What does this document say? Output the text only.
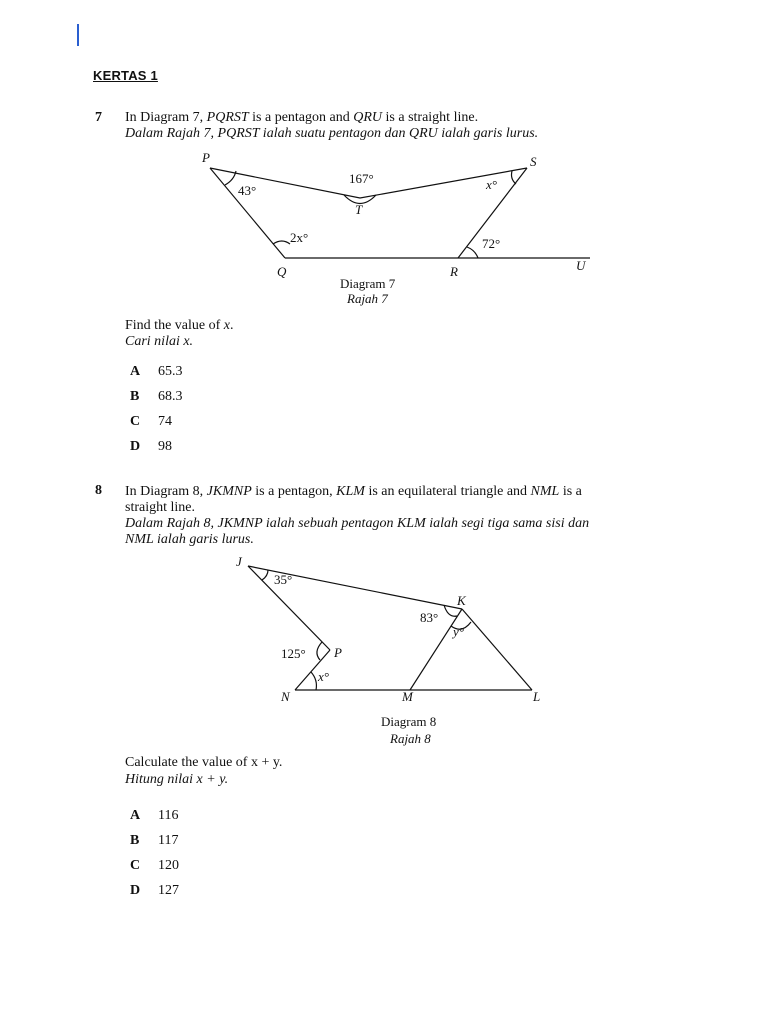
KERTAS 1
7 In Diagram 7, PQRST is a pentagon and QRU is a straight line.
Dalam Rajah 7, PQRST ialah suatu pentagon dan QRU ialah garis lurus.
P	S
T
Q	R	U
43°
167°	x°
2x°	72°
Diagram 7
Rajah 7
Find the value of x.
Cari nilai x.
A 65.3
B 68.3
C 74
D 98
8 In Diagram 8, JKMNP is a pentagon, KLM is an equilateral triangle and NML is a
straight line.
Dalam Rajah 8, JKMNP ialah sebuah pentagon KLM ialah segi tiga sama sisi dan
NML ialah garis lurus.
J
K
P
N	M	L
35°
83°
y°
125°
x°
Diagram 8
Rajah 8
Calculate the value of x + y.
Hitung nilai x + y.
A 116
B 117
C 120
D 127
